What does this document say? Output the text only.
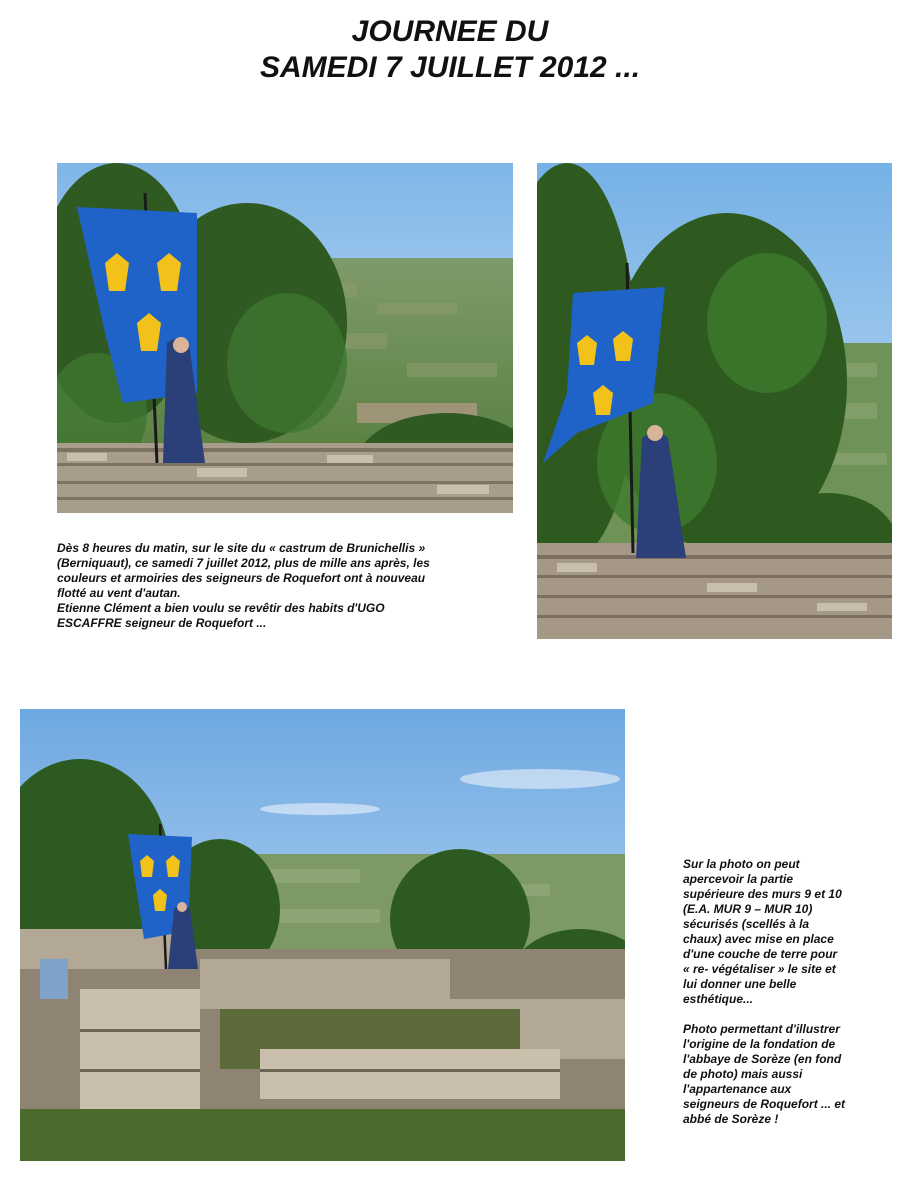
JOURNEE DU
SAMEDI 7 JUILLET 2012 ...

Dès 8 heures du matin, sur le site du « castrum de Brunichellis »

(Berniquaut), ce samedi 7 juillet 2012, plus de mille ans après, les

couleurs et armoiries des seigneurs de Roquefort ont à nouveau

flotté au vent d'autan.

Etienne Clément a bien voulu se revêtir des habits d'UGO

ESCAFFRE seigneur de Roquefort ...

Sur la photo on peut

apercevoir la partie

supérieure des murs 9 et 10

(E.A. MUR 9 – MUR 10)

sécurisés (scellés à la

chaux) avec mise en place

d'une couche de terre pour

« re- végétaliser » le site et

lui donner une belle

esthétique...

Photo permettant d'illustrer

l'origine de la fondation de

l'abbaye de Sorèze (en fond

de photo) mais aussi

l'appartenance aux

seigneurs de Roquefort ... et

abbé de Sorèze !
